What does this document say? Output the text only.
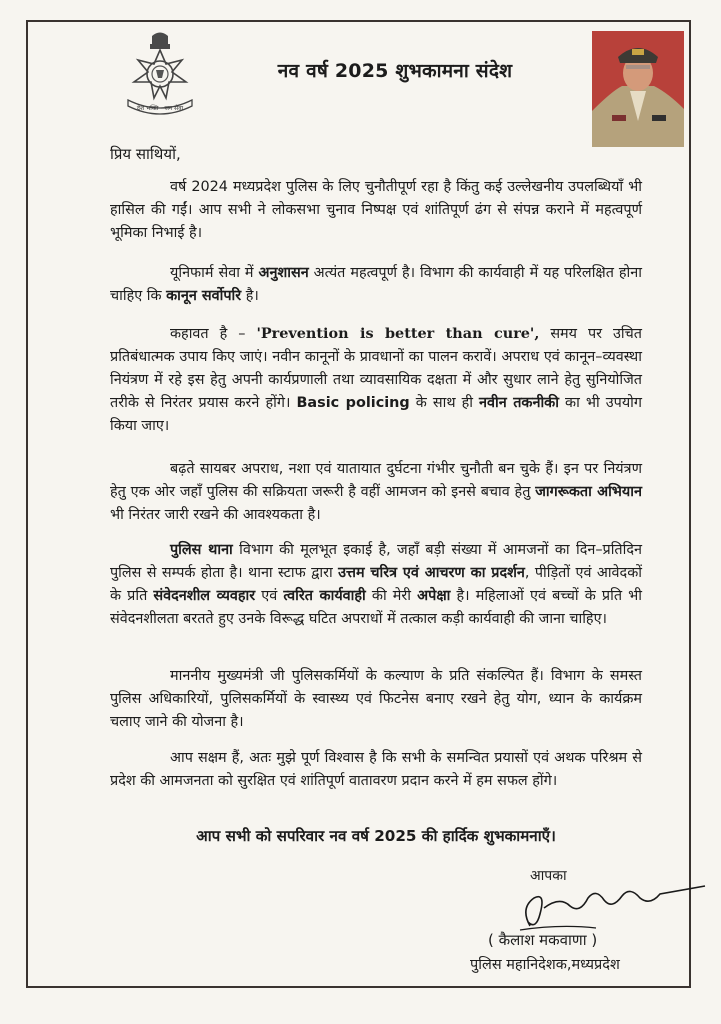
देश भक्ति - जन सेवा
नव वर्ष 2025 शुभकामना संदेश
प्रिय साथियों,

वर्ष 2024 मध्यप्रदेश पुलिस के लिए चुनौतीपूर्ण रहा है किंतु कई उल्लेखनीय उपलब्धियाँ भी हासिल की गईं। आप सभी ने लोकसभा चुनाव निष्पक्ष एवं शांतिपूर्ण ढंग से संपन्न कराने में महत्वपूर्ण भूमिका निभाई है।

यूनिफार्म सेवा में अनुशासन अत्यंत महत्वपूर्ण है। विभाग की कार्यवाही में यह परिलक्षित होना चाहिए कि कानून सर्वोपरि है।

कहावत है – 'Prevention is better than cure', समय पर उचित प्रतिबंधात्मक उपाय किए जाएं। नवीन कानूनों के प्रावधानों का पालन करावें। अपराध एवं कानून–व्यवस्था नियंत्रण में रहे इस हेतु अपनी कार्यप्रणाली तथा व्यावसायिक दक्षता में और सुधार लाने हेतु सुनियोजित तरीके से निरंतर प्रयास करने होंगे। Basic policing के साथ ही नवीन तकनीकी का भी उपयोग किया जाए।

बढ़ते सायबर अपराध, नशा एवं यातायात दुर्घटना गंभीर चुनौती बन चुके हैं। इन पर नियंत्रण हेतु एक ओर जहाँ पुलिस की सक्रियता जरूरी है वहीं आमजन को इनसे बचाव हेतु जागरूकता अभियान भी निरंतर जारी रखने की आवश्यकता है।

पुलिस थाना विभाग की मूलभूत इकाई है, जहाँ बड़ी संख्या में आमजनों का दिन–प्रतिदिन पुलिस से सम्पर्क होता है। थाना स्टाफ द्वारा उत्तम चरित्र एवं आचरण का प्रदर्शन, पीड़ितों एवं आवेदकों के प्रति संवेदनशील व्यवहार एवं त्वरित कार्यवाही की मेरी अपेक्षा है। महिलाओं एवं बच्चों के प्रति भी संवेदनशीलता बरतते हुए उनके विरूद्ध घटित अपराधों में तत्काल कड़ी कार्यवाही की जाना चाहिए।

माननीय मुख्यमंत्री जी पुलिसकर्मियों के कल्याण के प्रति संकल्पित हैं। विभाग के समस्त पुलिस अधिकारियों, पुलिसकर्मियों के स्वास्थ्य एवं फिटनेस बनाए रखने हेतु योग, ध्यान के कार्यक्रम चलाए जाने की योजना है।

आप सक्षम हैं, अतः मुझे पूर्ण विश्वास है कि सभी के समन्वित प्रयासों एवं अथक परिश्रम से प्रदेश की आमजनता को सुरक्षित एवं शांतिपूर्ण वातावरण प्रदान करने में हम सफल होंगे।

आप सभी को सपरिवार नव वर्ष 2025 की हार्दिक शुभकामनाएँ।
आपका
( कैलाश मकवाणा )
पुलिस महानिदेशक,मध्यप्रदेश
